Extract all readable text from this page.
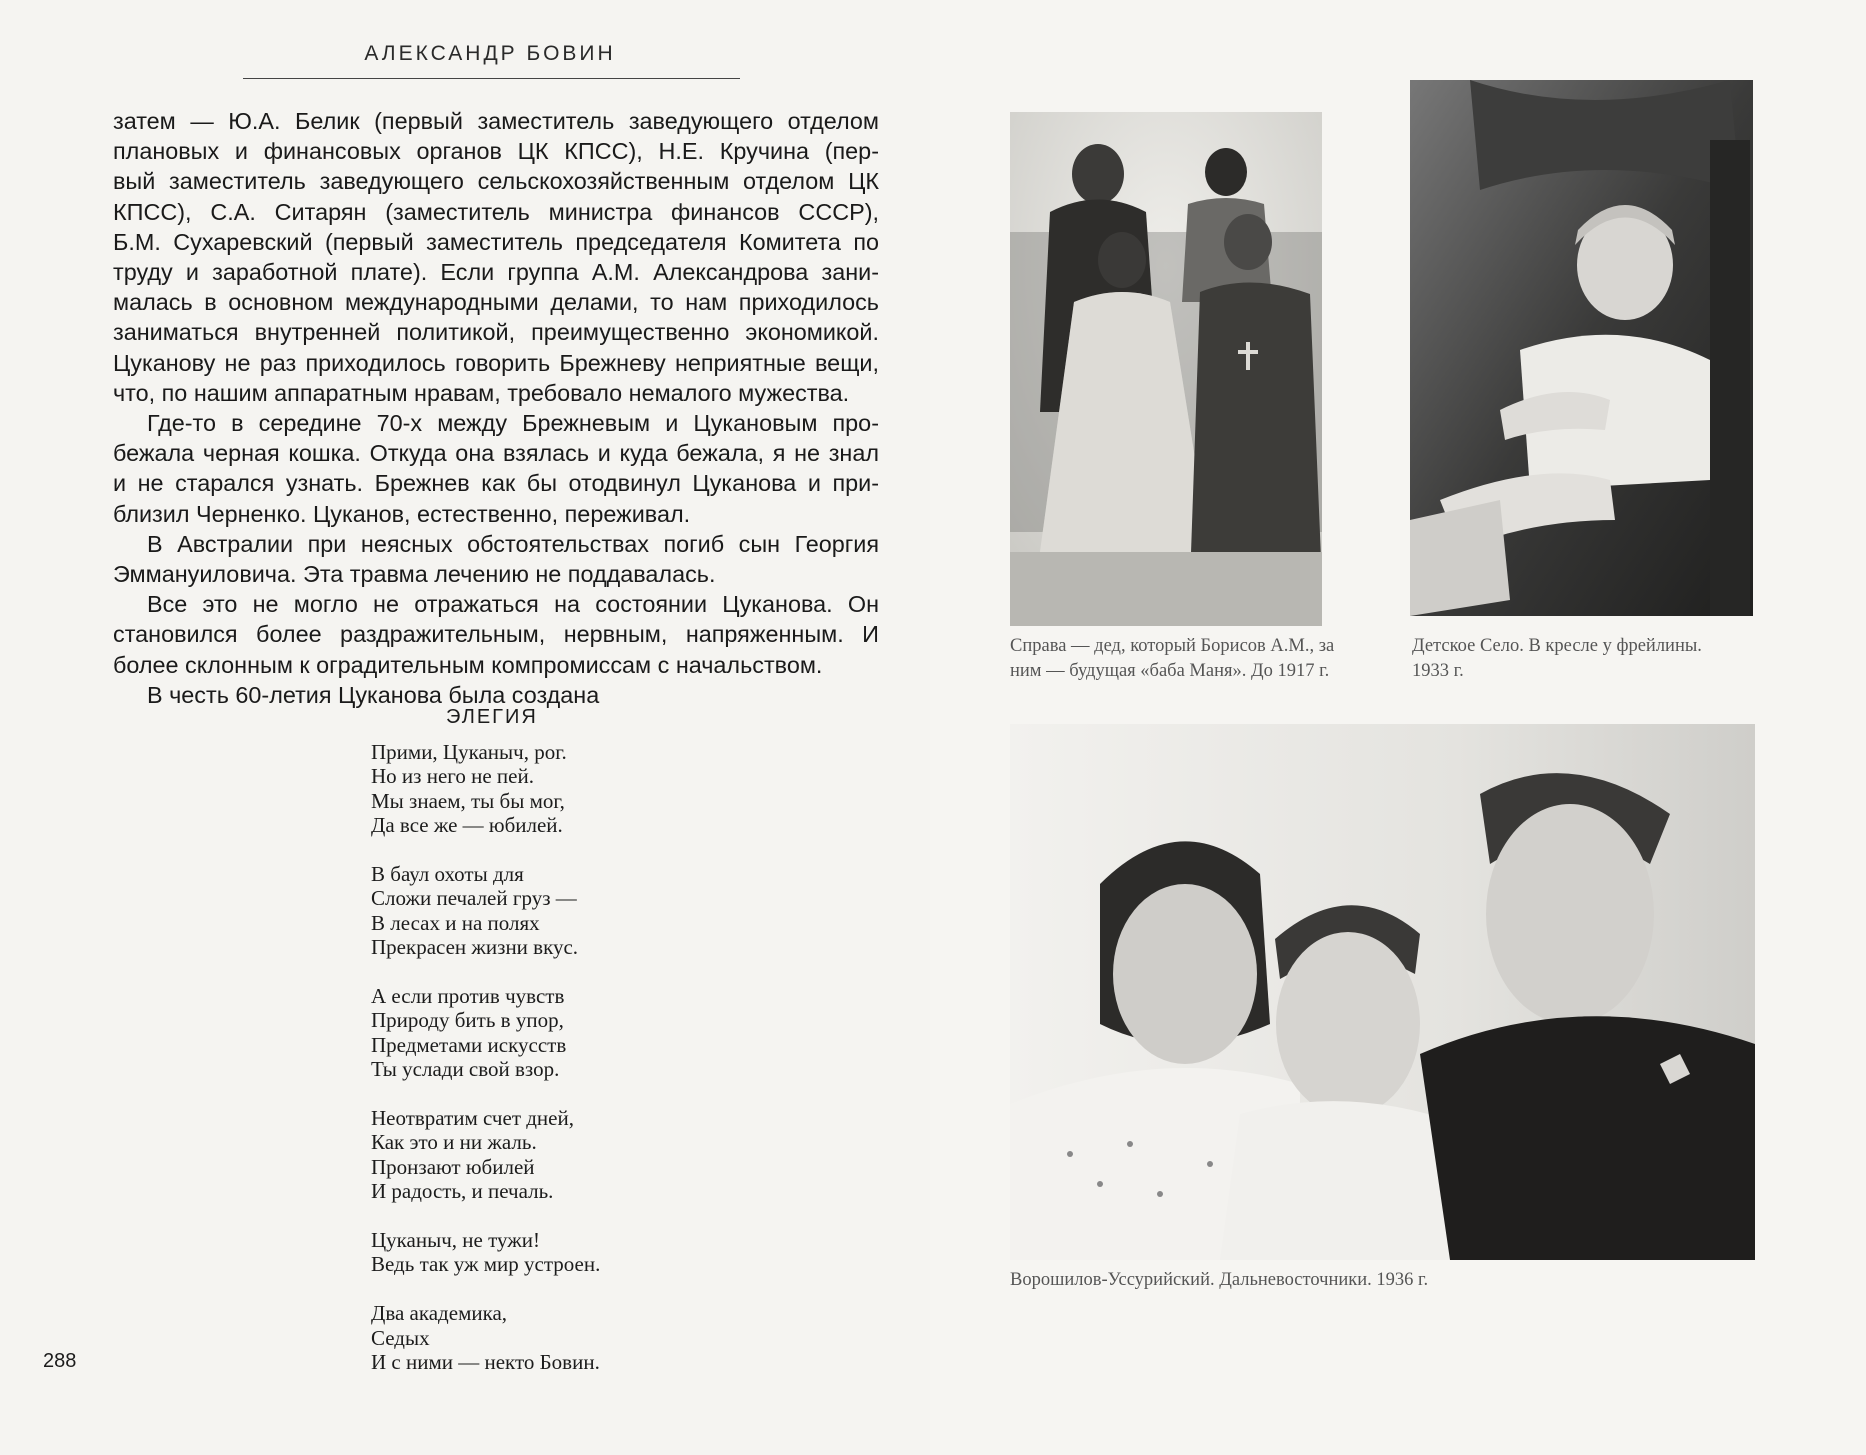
АЛЕКСАНДР БОВИН
затем — Ю.А. Белик (первый заместитель заведующего отделом
плановых и финансовых органов ЦК КПСС), Н.Е. Кручина (пер-
вый заместитель заведующего сельскохозяйственным отделом ЦК
КПСС), С.А. Ситарян (заместитель министра финансов СССР),
Б.М. Сухаревский (первый заместитель председателя Комитета по
труду и заработной плате). Если группа А.М. Александрова зани-
малась в основном международными делами, то нам приходилось
заниматься внутренней политикой, преимущественно экономикой.
Цуканову не раз приходилось говорить Брежневу неприятные вещи,
что, по нашим аппаратным нравам, требовало немалого мужества.
Где-то в середине 70-х между Брежневым и Цукановым про-
бежала черная кошка. Откуда она взялась и куда бежала, я не знал
и не старался узнать. Брежнев как бы отодвинул Цуканова и при-
близил Черненко. Цуканов, естественно, переживал.
В Австралии при неясных обстоятельствах погиб сын Георгия
Эммануиловича. Эта травма лечению не поддавалась.
Все это не могло не отражаться на состоянии Цуканова. Он
становился более раздражительным, нервным, напряженным. И
более склонным к оградительным компромиссам с начальством.
В честь 60-летия Цуканова была создана
ЭЛЕГИЯ
Прими, Цуканыч, рог.
Но из него не пей.
Мы знаем, ты бы мог,
Да все же — юбилей.
В баул охоты для
Сложи печалей груз —
В лесах и на полях
Прекрасен жизни вкус.
А если против чувств
Природу бить в упор,
Предметами искусств
Ты услади свой взор.
Неотвратим счет дней,
Как это и ни жаль.
Пронзают юбилей
И радость, и печаль.
Цуканыч, не тужи!
Ведь так уж мир устроен.
Два академика,
Седых
И с ними — некто Бовин.
288
Справа — дед, который Борисов А.М., за
ним — будущая «баба Маня». До 1917 г.
Детское Село. В кресле у фрейлины.
1933 г.
Ворошилов-Уссурийский. Дальневосточники. 1936 г.
